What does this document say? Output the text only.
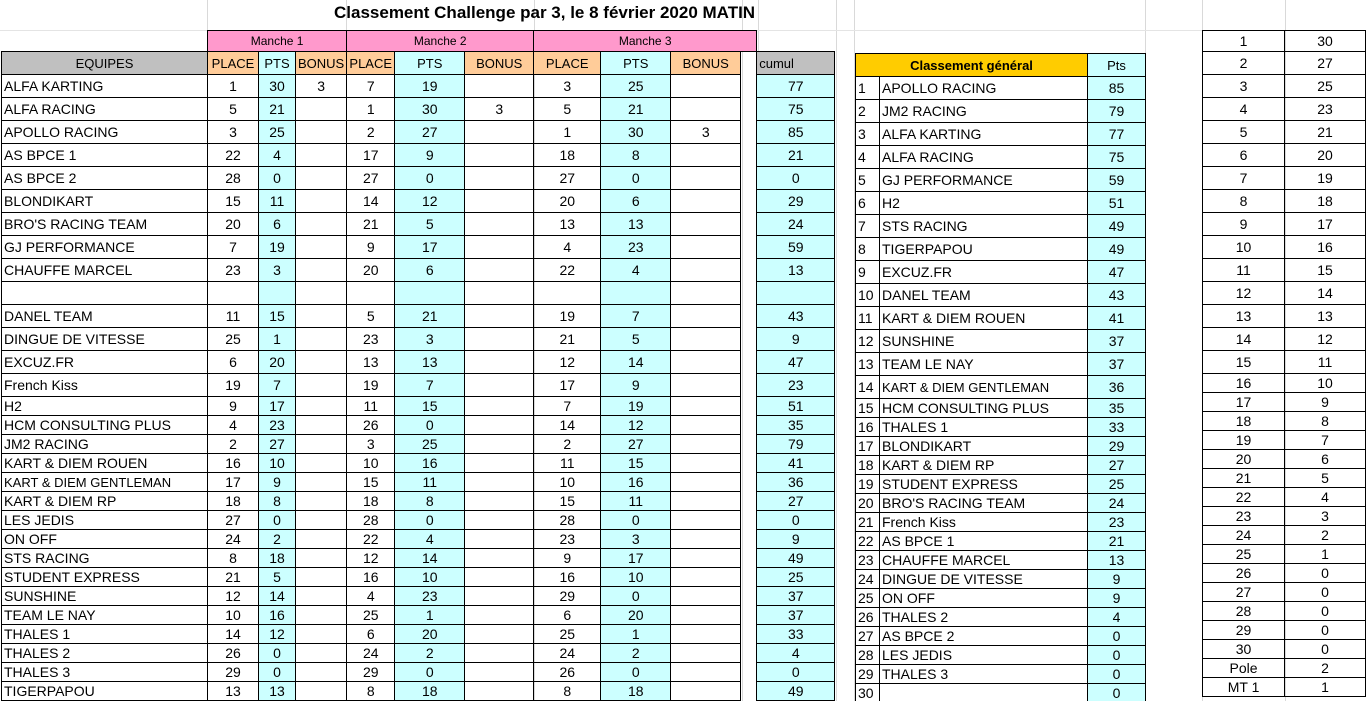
Classement Challenge par 3, le 8 février 2020 MATIN
	Manche 1			Manche 2			Manche 3				
EQUIPES	PLACE	PTS	BONUS	PLACE	PTS	BONUS	PLACE	PTS	BONUS		cumul
ALFA KARTING	1	30	3	7	19		3	25			77
ALFA RACING	5	21		1	30	3	5	21			75
APOLLO RACING	3	25		2	27		1	30	3		85
AS BPCE 1	22	4		17	9		18	8			21
AS BPCE 2	28	0		27	0		27	0			0
BLONDIKART	15	11		14	12		20	6			29
BRO'S RACING TEAM	20	6		21	5		13	13			24
GJ PERFORMANCE	7	19		9	17		4	23			59
CHAUFFE MARCEL	23	3		20	6		22	4			13

DANEL TEAM	11	15		5	21		19	7			43
DINGUE DE VITESSE	25	1		23	3		21	5			9
EXCUZ.FR	6	20		13	13		12	14			47
French Kiss	19	7		19	7		17	9			23
H2	9	17		11	15		7	19			51
HCM CONSULTING PLUS	4	23		26	0		14	12			35
JM2 RACING	2	27		3	25		2	27			79
KART & DIEM ROUEN	16	10		10	16		11	15			41
KART & DIEM GENTLEMAN	17	9		15	11		10	16			36
KART & DIEM RP	18	8		18	8		15	11			27
LES JEDIS	27	0		28	0		28	0			0
ON OFF	24	2		22	4		23	3			9
STS RACING	8	18		12	14		9	17			49
STUDENT EXPRESS	21	5		16	10		16	10			25
SUNSHINE	12	14		4	23		29	0			37
TEAM LE NAY	10	16		25	1		6	20			37
THALES 1	14	12		6	20		25	1			33
THALES 2	26	0		24	2		24	2			4
THALES 3	29	0		29	0		26	0			0
TIGERPAPOU	13	13		8	18		8	18			49
Classement général		Pts
1	APOLLO RACING	85
2	JM2 RACING	79
3	ALFA KARTING	77
4	ALFA RACING	75
5	GJ PERFORMANCE	59
6	H2	51
7	STS RACING	49
8	TIGERPAPOU	49
9	EXCUZ.FR	47
10	DANEL TEAM	43
11	KART & DIEM ROUEN	41
12	SUNSHINE	37
13	TEAM LE NAY	37
14	KART & DIEM GENTLEMAN	36
15	HCM CONSULTING PLUS	35
16	THALES 1	33
17	BLONDIKART	29
18	KART & DIEM RP	27
19	STUDENT EXPRESS	25
20	BRO'S RACING TEAM	24
21	French Kiss	23
22	AS BPCE 1	21
23	CHAUFFE MARCEL	13
24	DINGUE DE VITESSE	9
25	ON OFF	9
26	THALES 2	4
27	AS BPCE 2	0
28	LES JEDIS	0
29	THALES 3	0
30		0
1	30
2	27
3	25
4	23
5	21
6	20
7	19
8	18
9	17
10	16
11	15
12	14
13	13
14	12
15	11
16	10
17	9
18	8
19	7
20	6
21	5
22	4
23	3
24	2
25	1
26	0
27	0
28	0
29	0
30	0
Pole	2
MT 1	1
